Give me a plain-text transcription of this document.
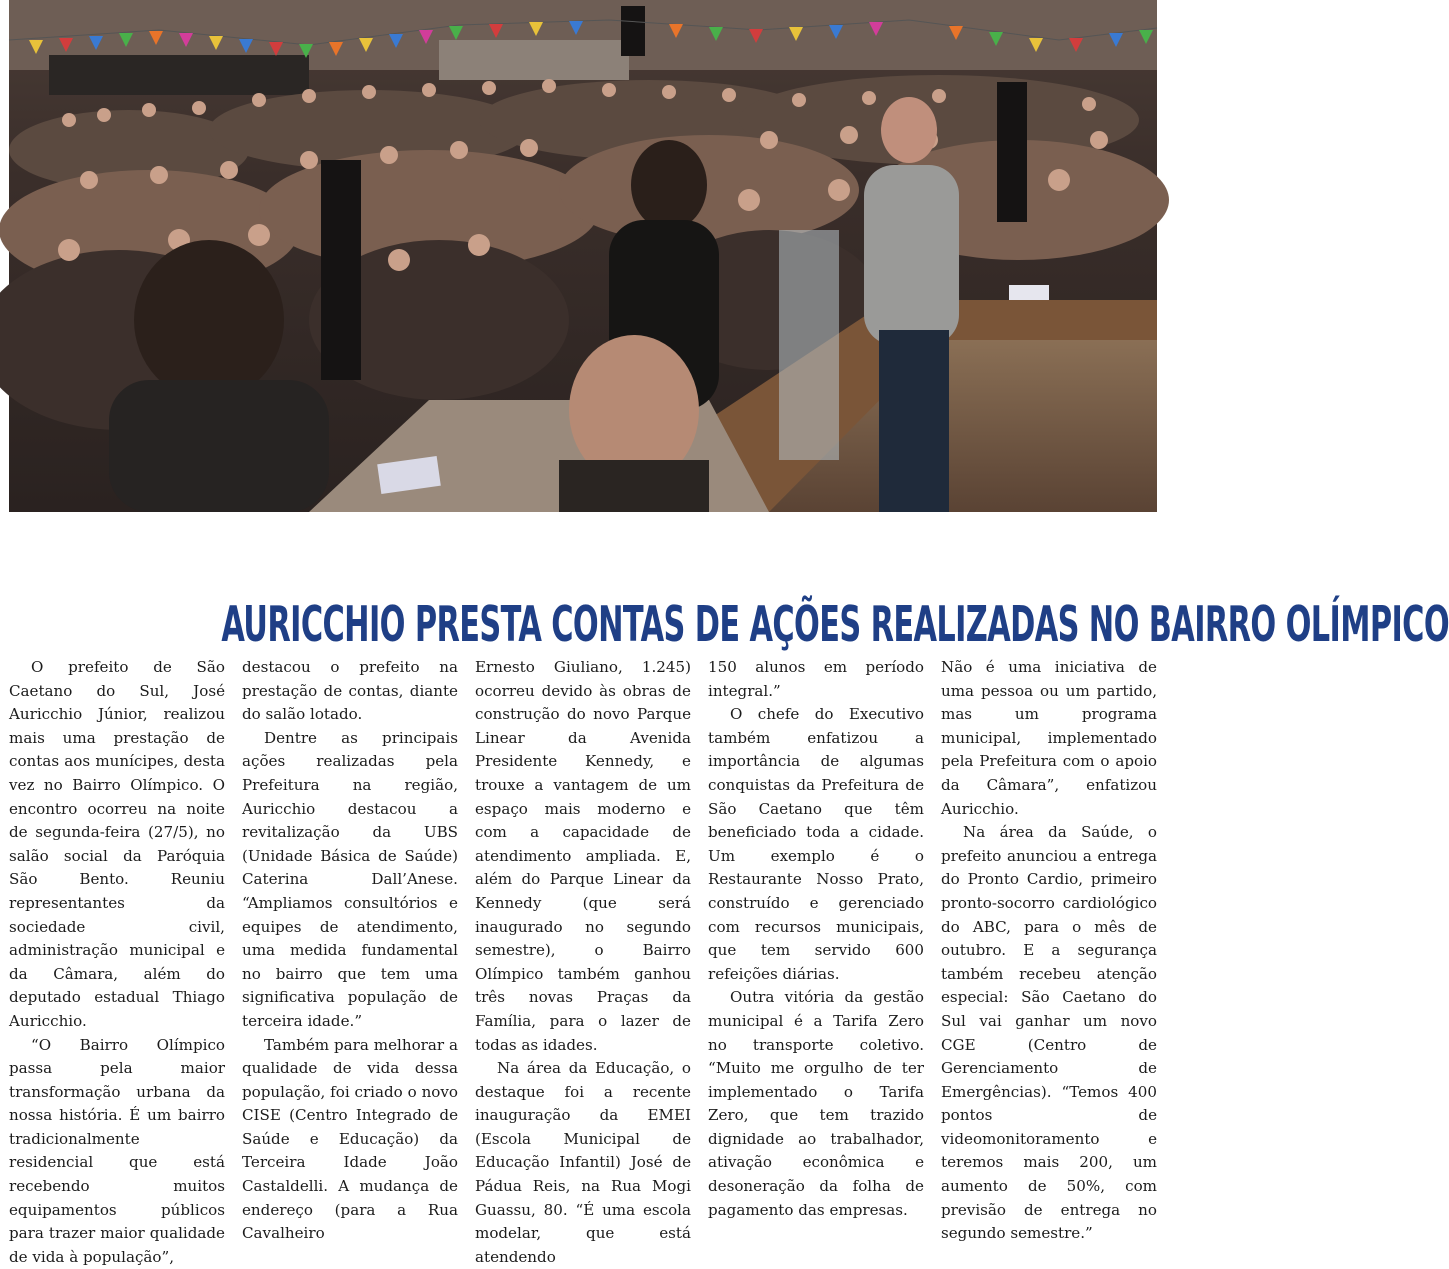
AURICCHIO PRESTA CONTAS DE AÇÕES REALIZADAS NO BAIRRO OLÍMPICO

O prefeito de São Caetano do Sul, José Auricchio Júnior, realizou mais uma prestação de contas aos munícipes, desta vez no Bairro Olímpico. O encontro ocorreu na noite de segunda-feira (27/5), no salão social da Paróquia São Bento. Reuniu representantes da sociedade civil, administração municipal e da Câmara, além do deputado estadual Thiago Auricchio.

“O Bairro Olímpico passa pela maior transformação urbana da nossa história. É um bairro tradicionalmente residencial que está recebendo muitos equipamentos públicos para trazer maior qualidade de vida à população”,

destacou o prefeito na prestação de contas, diante do salão lotado.

Dentre as principais ações realizadas pela Prefeitura na região, Auricchio destacou a revitalização da UBS (Unidade Básica de Saúde) Caterina Dall’Anese. “Ampliamos consultórios e equipes de atendimento, uma medida fundamental no bairro que tem uma significativa população de terceira idade.”

Também para melhorar a qualidade de vida dessa população, foi criado o novo CISE (Centro Integrado de Saúde e Educação) da Terceira Idade João Castaldelli. A mudança de endereço (para a Rua Cavalheiro

Ernesto Giuliano, 1.245) ocorreu devido às obras de construção do novo Parque Linear da Avenida Presidente Kennedy, e trouxe a vantagem de um espaço mais moderno e com a capacidade de atendimento ampliada. E, além do Parque Linear da Kennedy (que será inaugurado no segundo semestre), o Bairro Olímpico também ganhou três novas Praças da Família, para o lazer de todas as idades.

Na área da Educação, o destaque foi a recente inauguração da EMEI (Escola Municipal de Educação Infantil) José de Pádua Reis, na Rua Mogi Guassu, 80. “É uma escola modelar, que está atendendo

150 alunos em período integral.”

O chefe do Executivo também enfatizou a importância de algumas conquistas da Prefeitura de São Caetano que têm beneficiado toda a cidade. Um exemplo é o Restaurante Nosso Prato, construído e gerenciado com recursos municipais, que tem servido 600 refeições diárias.

Outra vitória da gestão municipal é a Tarifa Zero no transporte coletivo. “Muito me orgulho de ter implementado o Tarifa Zero, que tem trazido dignidade ao trabalhador, ativação econômica e desoneração da folha de pagamento das empresas.

Não é uma iniciativa de uma pessoa ou um partido, mas um programa municipal, implementado pela Prefeitura com o apoio da Câmara”, enfatizou Auricchio.

Na área da Saúde, o prefeito anunciou a entrega do Pronto Cardio, primeiro pronto-socorro cardiológico do ABC, para o mês de outubro. E a segurança também recebeu atenção especial: São Caetano do Sul vai ganhar um novo CGE (Centro de Gerenciamento de Emergências). “Temos 400 pontos de videomonitoramento e teremos mais 200, um aumento de 50%, com previsão de entrega no segundo semestre.”
